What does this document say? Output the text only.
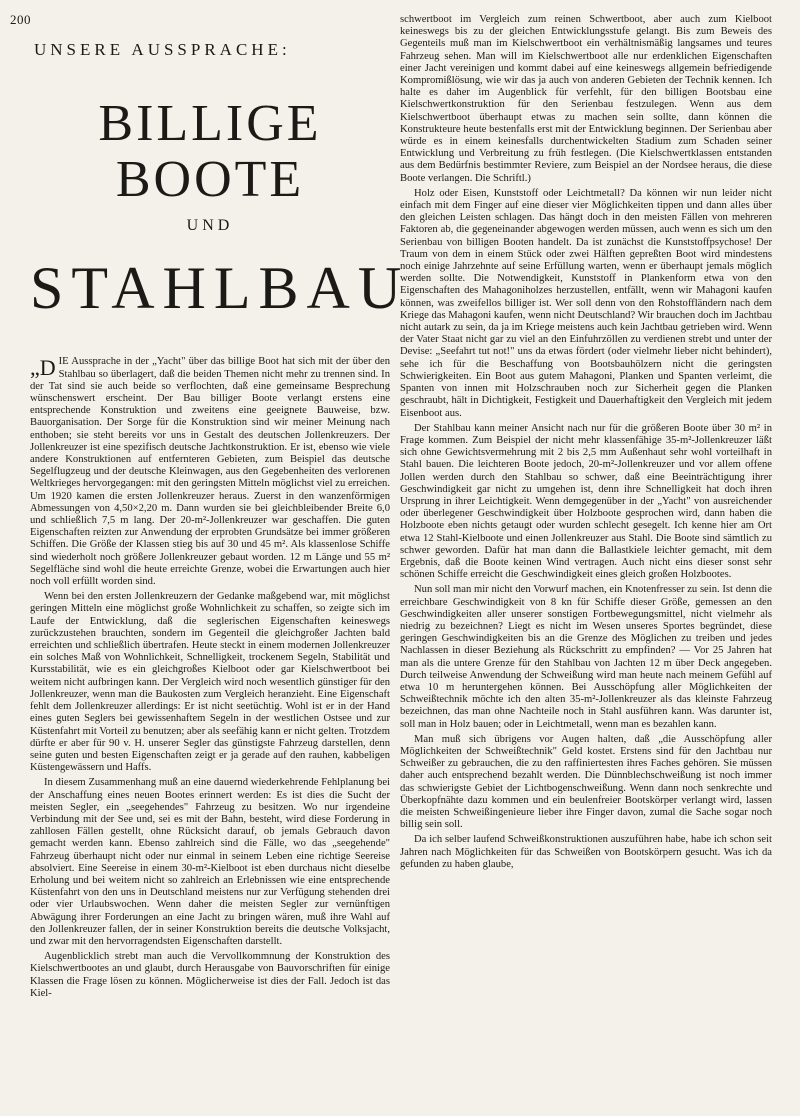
200
UNSERE AUSSPRACHE:
BILLIGE BOOTE
UND
STAHLBAU

„DIE Aussprache in der „Yacht" über das billige Boot hat sich mit der über den Stahlbau so überlagert, daß die beiden Themen nicht mehr zu trennen sind. In der Tat sind sie auch beide so verflochten, daß eine gemeinsame Besprechung wünschenswert erscheint. Der Bau billiger Boote verlangt erstens eine entsprechende Konstruktion und zweitens eine geeignete Bauweise, bzw. Bauorganisation. Der Sorge für die Konstruktion sind wir meiner Meinung nach enthoben; sie steht bereits vor uns in Gestalt des deutschen Jollenkreuzers. Der Jollenkreuzer ist eine spezifisch deutsche Jachtkonstruktion. Er ist, ebenso wie viele andere Konstruktionen auf entfernteren Gebieten, zum Beispiel das deutsche Segelflugzeug und der deutsche Kleinwagen, aus den Gegebenheiten des verlorenen Weltkrieges hervorgegangen: mit den geringsten Mitteln möglichst viel zu erreichen. Um 1920 kamen die ersten Jollenkreuzer heraus. Zuerst in den wanzenförmigen Abmessungen von 4,50×2,20 m. Dann wurden sie bei gleichbleibender Breite 6,0 und schließlich 7,5 m lang. Der 20-m²-Jollenkreuzer war geschaffen. Die guten Eigenschaften reizten zur Anwendung der erprobten Grundsätze bei immer größeren Schiffen. Die Größe der Klassen stieg bis auf 30 und 45 m². Als klassenlose Schiffe sind wiederholt noch größere Jollenkreuzer gebaut worden. 12 m Länge und 55 m² Segelfläche sind wohl die heute erreichte Grenze, wobei die Erwartungen auch hier noch voll erfüllt worden sind.

Wenn bei den ersten Jollenkreuzern der Gedanke maßgebend war, mit möglichst geringen Mitteln eine möglichst große Wohnlichkeit zu schaffen, so zeigte sich im Laufe der Entwicklung, daß die seglerischen Eigenschaften keineswegs zurückzustehen brauchten, sondern im Gegenteil die gleichgroßer Jachten bald erreichten und schließlich übertrafen. Heute steckt in einem modernen Jollenkreuzer ein solches Maß von Wohnlichkeit, Schnelligkeit, trockenem Segeln, Stabilität und Kursstabilität, wie es ein gleichgroßes Kielboot oder gar Kielschwertboot bei weitem nicht aufbringen kann. Der Vergleich wird noch wesentlich günstiger für den Jollenkreuzer, wenn man die Baukosten zum Vergleich heranzieht. Eine Eigenschaft fehlt dem Jollenkreuzer allerdings: Er ist nicht seetüchtig. Wohl ist er in der Hand eines guten Seglers bei gewissenhaftem Segeln in der westlichen Ostsee und zur Küstenfahrt mit Vorteil zu benutzen; aber als seefähig kann er nicht gelten. Trotzdem dürfte er aber für 90 v. H. unserer Segler das günstigste Fahrzeug darstellen, denn seine guten und besten Eigenschaften zeigt er ja gerade auf den rauhen, kabbeligen Küstengewässern und Haffs.

In diesem Zusammenhang muß an eine dauernd wiederkehrende Fehlplanung bei der Anschaffung eines neuen Bootes erinnert werden: Es ist dies die Sucht der meisten Segler, ein „seegehendes" Fahrzeug zu besitzen. Wo nur irgendeine Verbindung mit der See und, sei es mit der Bahn, besteht, wird diese Forderung in zahllosen Fällen gestellt, ohne Rücksicht darauf, ob jemals Gebrauch davon gemacht werden kann. Ebenso zahlreich sind die Fälle, wo das „seegehende" Fahrzeug überhaupt nicht oder nur einmal in seinem Leben eine richtige Seereise absolviert. Eine Seereise in einem 30-m²-Kielboot ist eben durchaus nicht dieselbe Erholung und bei weitem nicht so zahlreich an Erlebnissen wie eine entsprechende Küstenfahrt von den uns in Deutschland meistens nur zur Verfügung stehenden drei oder vier Urlaubswochen. Wenn daher die meisten Segler zur vernünftigen Abwägung ihrer Forderungen an eine Jacht zu bringen wären, muß ihre Wahl auf den Jollenkreuzer fallen, der in seiner Konstruktion bereits die deutsche Volksjacht, und zwar mit den hervorragendsten Eigenschaften darstellt.

Augenblicklich strebt man auch die Vervollkommnung der Konstruktion des Kielschwertbootes an und glaubt, durch Herausgabe von Bauvorschriften für einige Klassen die Frage lösen zu können. Möglicherweise ist dies der Fall. Jedoch ist das Kiel-

schwertboot im Vergleich zum reinen Schwertboot, aber auch zum Kielboot keineswegs bis zu der gleichen Entwicklungsstufe gelangt. Bis zum Beweis des Gegenteils muß man im Kielschwertboot ein verhältnismäßig langsames und teures Fahrzeug sehen. Man will im Kielschwertboot alle nur erdenklichen Eigenschaften einer Jacht vereinigen und kommt dabei auf eine keineswegs allgemein befriedigende Kompromißlösung, wie wir das ja auch von anderen Gebieten der Technik kennen. Ich halte es daher im Augenblick für verfehlt, für den billigen Bootsbau eine Kielschwertkonstruktion für den Serienbau festzulegen. Wenn aus dem Kielschwertboot überhaupt etwas zu machen sein sollte, dann können die Konstrukteure heute bestenfalls erst mit der Entwicklung beginnen. Der Serienbau aber würde es in einem keinesfalls durchentwickelten Stadium zum Schaden seiner Entwicklung und Verbreitung zu früh festlegen. (Die Kielschwertklassen entstanden aus dem Bedürfnis bestimmter Reviere, zum Beispiel an der Nordsee heraus, die diese Boote verlangen. Die Schriftl.)

Holz oder Eisen, Kunststoff oder Leichtmetall? Da können wir nun leider nicht einfach mit dem Finger auf eine dieser vier Möglichkeiten tippen und dann alles über den gleichen Leisten schlagen. Das hängt doch in den meisten Fällen von mehreren Faktoren ab, die gegeneinander abgewogen werden müssen, auch wenn es sich um den Serienbau von billigen Booten handelt. Da ist zunächst die Kunststoffpsychose! Der Traum von dem in einem Stück oder zwei Hälften gepreßten Boot wird mindestens noch einige Jahrzehnte auf seine Erfüllung warten, wenn er überhaupt jemals möglich werden sollte. Die Notwendigkeit, Kunststoff in Plankenform etwa von den Eigenschaften des Mahagoniholzes herzustellen, entfällt, wenn wir Mahagoni kaufen können, was zweifellos billiger ist. Wer soll denn von den Rohstoffländern nach dem Kriege das Mahagoni kaufen, wenn nicht Deutschland? Wir brauchen doch im Jachtbau nicht autark zu sein, da ja im Kriege meistens auch kein Jachtbau getrieben wird. Wenn der Vater Staat nicht gar zu viel an den Einfuhrzöllen zu verdienen strebt und unter der Devise: „Seefahrt tut not!" uns da etwas fördert (oder vielmehr lieber nicht behindert), sehe ich für die Beschaffung von Bootsbauhölzern nicht die geringsten Schwierigkeiten. Ein Boot aus gutem Mahagoni, Planken und Spanten verleimt, die Spanten von innen mit Holzschrauben noch zur Sicherheit gegen die Planken geschraubt, hält in Dichtigkeit, Festigkeit und Dauerhaftigkeit den Vergleich mit jedem Eisenboot aus.

Der Stahlbau kann meiner Ansicht nach nur für die größeren Boote über 30 m² in Frage kommen. Zum Beispiel der nicht mehr klassenfähige 35-m²-Jollenkreuzer läßt sich ohne Gewichtsvermehrung mit 2 bis 2,5 mm Außenhaut sehr wohl vorteilhaft in Stahl bauen. Die leichteren Boote jedoch, 20-m²-Jollenkreuzer und vor allem offene Jollen werden durch den Stahlbau so schwer, daß eine Beeinträchtigung ihrer Geschwindigkeit gar nicht zu umgehen ist, denn ihre Schnelligkeit hat doch ihren Ursprung in ihrer Leichtigkeit. Wenn demgegenüber in der „Yacht" von ausreichender oder überlegener Geschwindigkeit über Holzboote gesprochen wird, dann haben die Holzboote eben nichts getaugt oder wurden schlecht gesegelt. Ich kenne hier am Ort etwa 12 Stahl-Kielboote und einen Jollenkreuzer aus Stahl. Die Boote sind sämtlich zu schwer geworden. Dafür hat man dann die Ballastkiele leichter gemacht, mit dem Ergebnis, daß die Boote keinen Wind vertragen. Auch nicht eins dieser sonst sehr schönen Schiffe erreicht die Geschwindigkeit eines gleich großen Holzbootes.

Nun soll man mir nicht den Vorwurf machen, ein Knotenfresser zu sein. Ist denn die erreichbare Geschwindigkeit von 8 kn für Schiffe dieser Größe, gemessen an den Geschwindigkeiten aller unserer sonstigen Fortbewegungsmittel, nicht vielmehr als niedrig zu bezeichnen? Liegt es nicht im Wesen unseres Sportes begründet, diese geringen Geschwindigkeiten bis an die Grenze des Möglichen zu treiben und jedes Nachlassen in dieser Beziehung als Rückschritt zu empfinden? — Vor 25 Jahren hat man als die untere Grenze für den Stahlbau von Jachten 12 m über Deck angegeben. Durch teilweise Anwendung der Schweißung wird man heute nach meinem Gefühl auf etwa 10 m heruntergehen können. Bei Ausschöpfung aller Möglichkeiten der Schweißtechnik möchte ich den alten 35-m²-Jollenkreuzer als das kleinste Fahrzeug bezeichnen, das man ohne Nachteile noch in Stahl ausführen kann. Was darunter ist, soll man in Holz bauen; oder in Leichtmetall, wenn man es bezahlen kann.

Man muß sich übrigens vor Augen halten, daß „die Ausschöpfung aller Möglichkeiten der Schweißtechnik" Geld kostet. Erstens sind für den Jachtbau nur Schweißer zu gebrauchen, die zu den raffiniertesten ihres Faches gehören. Sie müssen daher auch entsprechend bezahlt werden. Die Dünnblechschweißung ist noch immer das schwierigste Gebiet der Lichtbogenschweißung. Wenn dann noch senkrechte und Überkopfnähte dazu kommen und ein beulenfreier Bootskörper verlangt wird, lassen die meisten Schweißingenieure lieber ihre Finger davon, zumal die Sache sogar noch billig sein soll.

Da ich selber laufend Schweißkonstruktionen auszuführen habe, habe ich schon seit Jahren nach Möglichkeiten für das Schweißen von Bootskörpern gesucht. Was ich da gefunden zu haben glaube,
